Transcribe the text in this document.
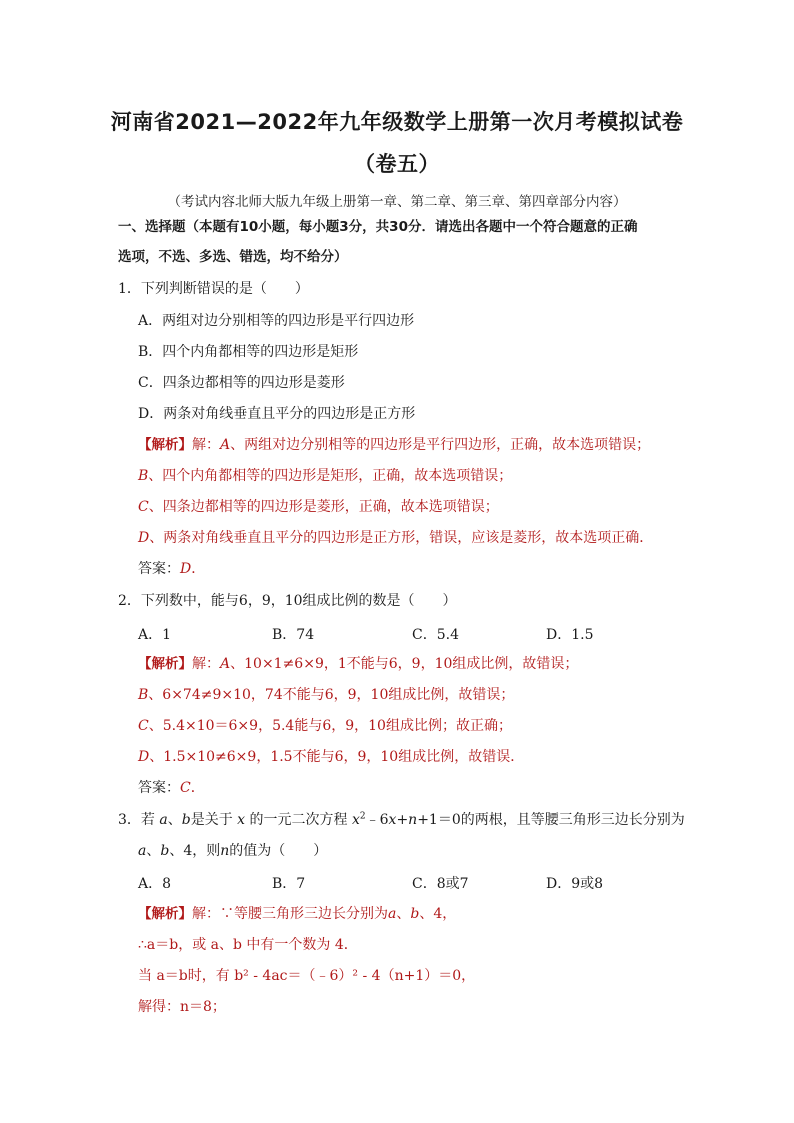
河南省2021—2022年九年级数学上册第一次月考模拟试卷
（卷五）
（考试内容北师大版九年级上册第一章、第二章、第三章、第四章部分内容）
一、选择题（本题有10小题，每小题3分，共30分．请选出各题中一个符合题意的正确
选项，不选、多选、错选，均不给分）
1．下列判断错误的是（　　）
A．两组对边分别相等的四边形是平行四边形
B．四个内角都相等的四边形是矩形
C．四条边都相等的四边形是菱形
D．两条对角线垂直且平分的四边形是正方形
【解析】解：A、两组对边分别相等的四边形是平行四边形，正确，故本选项错误；
B、四个内角都相等的四边形是矩形，正确，故本选项错误；
C、四条边都相等的四边形是菱形，正确，故本选项错误；
D、两条对角线垂直且平分的四边形是正方形，错误，应该是菱形，故本选项正确．
答案：D．
2．下列数中，能与6，9，10组成比例的数是（　　）
A．1	B．74	C．5.4	D．1.5
【解析】解：A、10×1≠6×9，1不能与6，9，10组成比例，故错误；
B、6×74≠9×10，74不能与6，9，10组成比例，故错误；
C、5.4×10＝6×9，5.4能与6，9，10组成比例；故正确；
D、1.5×10≠6×9，1.5不能与6，9，10组成比例，故错误．
答案：C．
3．若 a、b是关于 x 的一元二次方程 $x^2﹣6x+n+1=0$的两根，且等腰三角形三边长分别为
a、b、4，则n的值为（　　）
A．8	B．7	C．8或7	D．9或8
【解析】解：∵等腰三角形三边长分别为a、b、4，
∴a＝b，或 a、b 中有一个数为 4．
当 a＝b时，有 b² - 4ac＝（﹣6）² - 4（n+1）＝0，
解得：n＝8；
